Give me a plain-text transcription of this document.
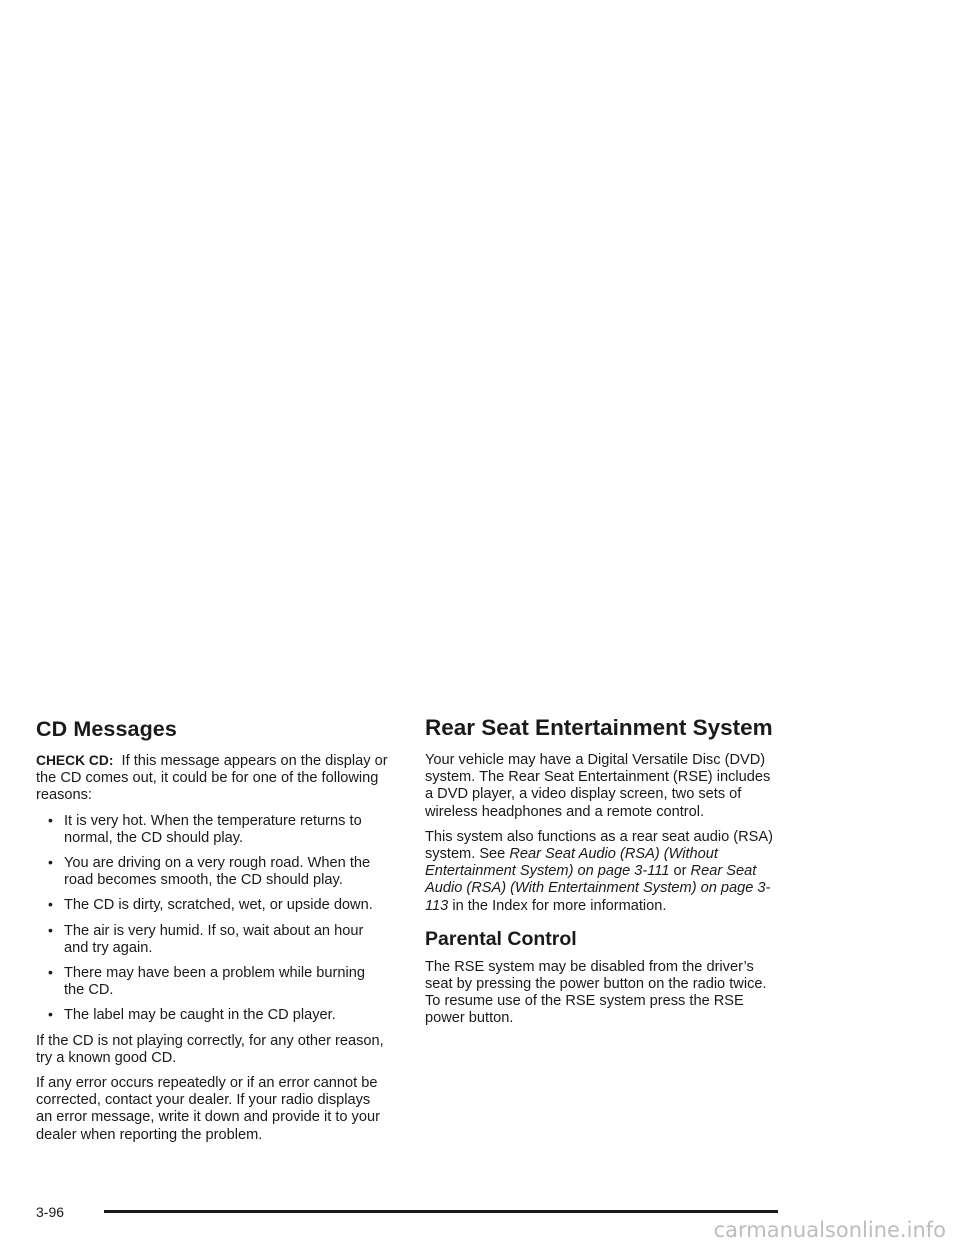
CD Messages

CHECK CD: If this message appears on the display or the CD comes out, it could be for one of the following reasons:

• It is very hot. When the temperature returns to normal, the CD should play.
• You are driving on a very rough road. When the road becomes smooth, the CD should play.
• The CD is dirty, scratched, wet, or upside down.
• The air is very humid. If so, wait about an hour and try again.
• There may have been a problem while burning the CD.
• The label may be caught in the CD player.

If the CD is not playing correctly, for any other reason, try a known good CD.

If any error occurs repeatedly or if an error cannot be corrected, contact your dealer. If your radio displays an error message, write it down and provide it to your dealer when reporting the problem.

Rear Seat Entertainment System

Your vehicle may have a Digital Versatile Disc (DVD) system. The Rear Seat Entertainment (RSE) includes a DVD player, a video display screen, two sets of wireless headphones and a remote control.

This system also functions as a rear seat audio (RSA) system. See Rear Seat Audio (RSA) (Without Entertainment System) on page 3-111 or Rear Seat Audio (RSA) (With Entertainment System) on page 3-113 in the Index for more information.

Parental Control

The RSE system may be disabled from the driver’s seat by pressing the power button on the radio twice. To resume use of the RSE system press the RSE power button.

3-96
carmanualsonline.info
